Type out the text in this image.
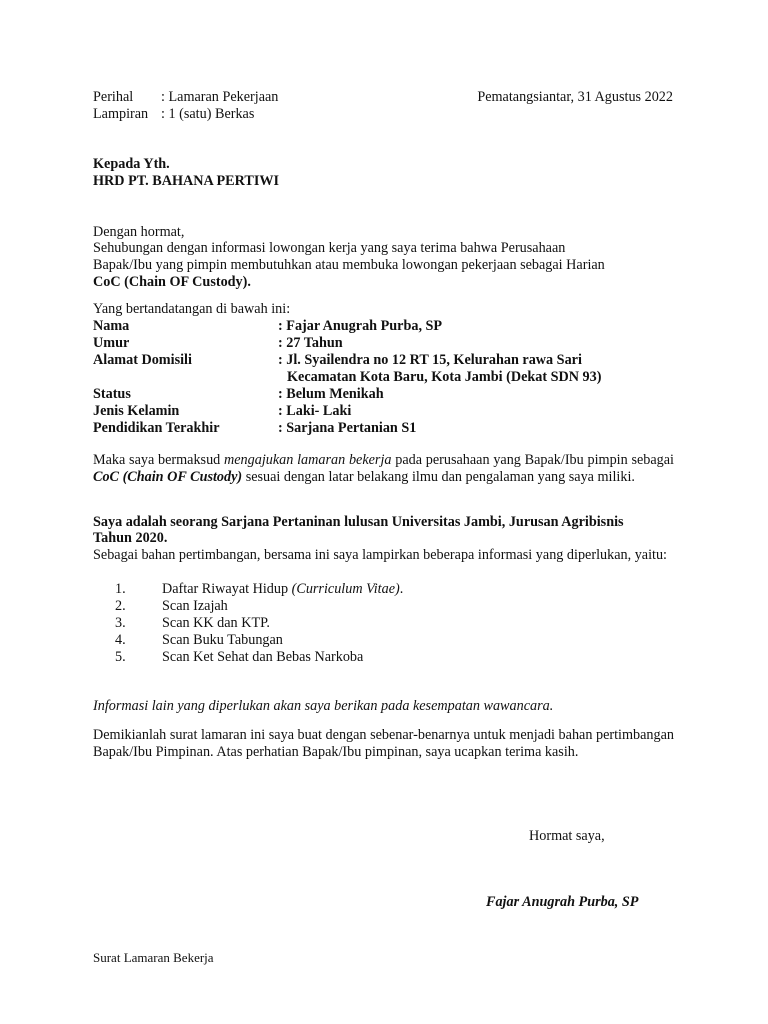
Perihal : Lamaran Pekerjaan
Lampiran : 1 (satu) Berkas
Pematangsiantar, 31 Agustus 2022
Kepada Yth.
HRD PT. BAHANA PERTIWI
Dengan hormat,
Sehubungan dengan informasi lowongan kerja yang saya terima bahwa Perusahaan
Bapak/Ibu yang pimpin membutuhkan atau membuka lowongan pekerjaan sebagai Harian
CoC (Chain OF Custody).
Yang bertandatangan di bawah ini:
Nama	: Fajar Anugrah Purba, SP
Umur	: 27 Tahun
Alamat Domisili	: Jl. Syailendra no 12 RT 15, Kelurahan rawa Sari
Kecamatan Kota Baru, Kota Jambi (Dekat SDN 93)
Status	: Belum Menikah
Jenis Kelamin	: Laki- Laki
Pendidikan Terakhir	: Sarjana Pertanian S1
Maka saya bermaksud mengajukan lamaran bekerja pada perusahaan yang Bapak/Ibu pimpin sebagai CoC (Chain OF Custody) sesuai dengan latar belakang ilmu dan pengalaman yang saya miliki.
Saya adalah seorang Sarjana Pertaninan lulusan Universitas Jambi, Jurusan Agribisnis
Tahun 2020.
Sebagai bahan pertimbangan, bersama ini saya lampirkan beberapa informasi yang diperlukan, yaitu:
1.	Daftar Riwayat Hidup (Curriculum Vitae).
2.	Scan Izajah
3.	Scan KK dan KTP.
4.	Scan Buku Tabungan
5.	Scan Ket Sehat dan Bebas Narkoba
Informasi lain yang diperlukan akan saya berikan pada kesempatan wawancara.
Demikianlah surat lamaran ini saya buat dengan sebenar-benarnya untuk menjadi bahan pertimbangan Bapak/Ibu Pimpinan. Atas perhatian Bapak/Ibu pimpinan, saya ucapkan terima kasih.
Hormat saya,
Fajar Anugrah Purba, SP
Surat Lamaran Bekerja
